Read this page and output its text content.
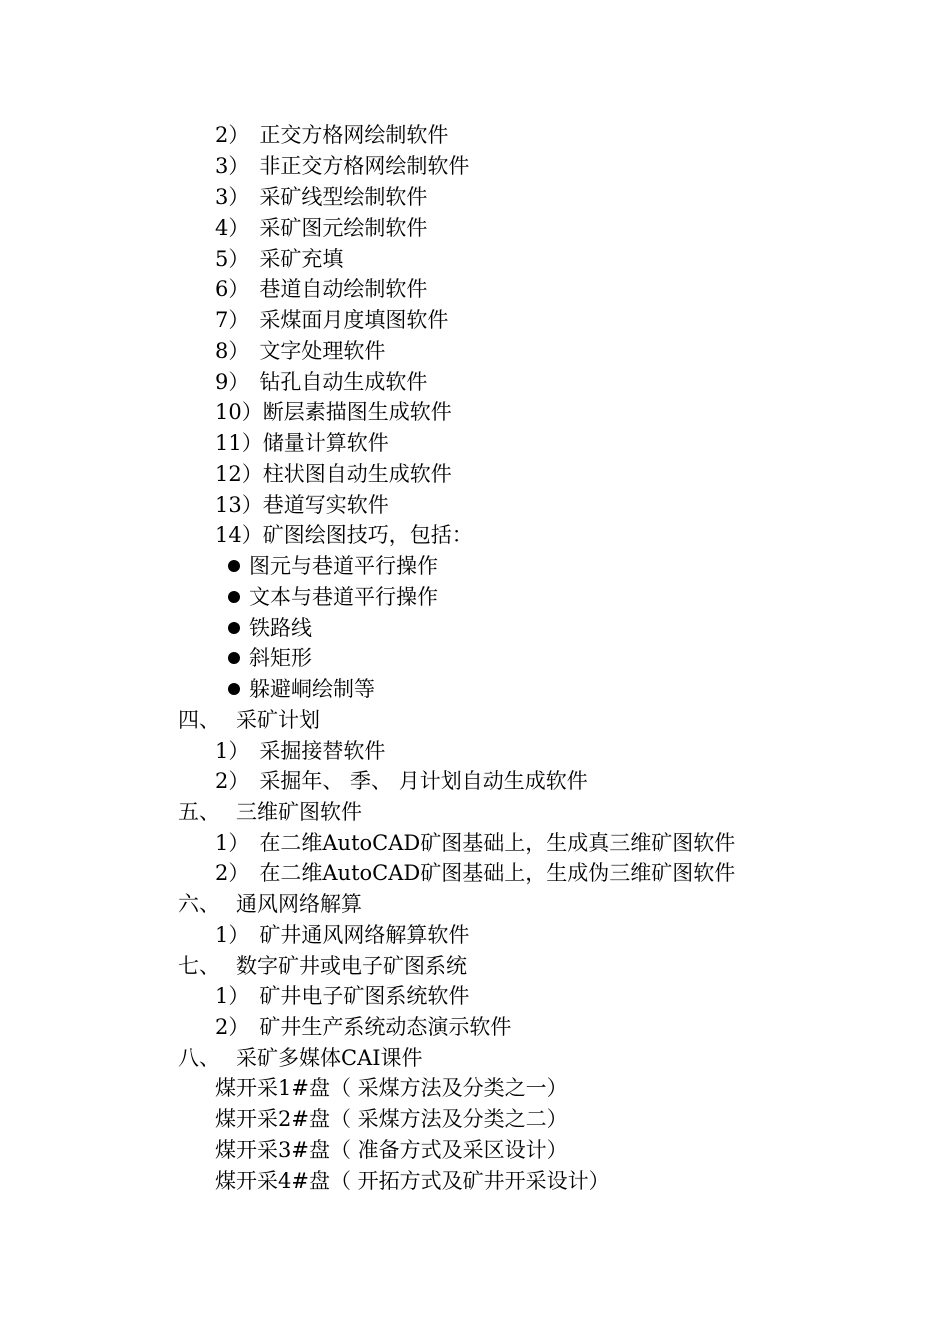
2） 正交方格网绘制软件
3） 非正交方格网绘制软件
3） 采矿线型绘制软件
4） 采矿图元绘制软件
5） 采矿充填
6） 巷道自动绘制软件
7） 采煤面月度填图软件
8） 文字处理软件
9） 钻孔自动生成软件
10）断层素描图生成软件
11）储量计算软件
12）柱状图自动生成软件
13）巷道写实软件
14）矿图绘图技巧，包括：
图元与巷道平行操作
文本与巷道平行操作
铁路线
斜矩形
躲避峒绘制等
四、 采矿计划
1） 采掘接替软件
2） 采掘年、 季、 月计划自动生成软件
五、 三维矿图软件
1） 在二维AutoCAD矿图基础上，生成真三维矿图软件
2） 在二维AutoCAD矿图基础上，生成伪三维矿图软件
六、 通风网络解算
1） 矿井通风网络解算软件
七、 数字矿井或电子矿图系统
1） 矿井电子矿图系统软件
2） 矿井生产系统动态演示软件
八、 采矿多媒体CAI课件
煤开采1#盘（ 采煤方法及分类之一）
煤开采2#盘（ 采煤方法及分类之二）
煤开采3#盘（ 准备方式及采区设计）
煤开采4#盘（ 开拓方式及矿井开采设计）
